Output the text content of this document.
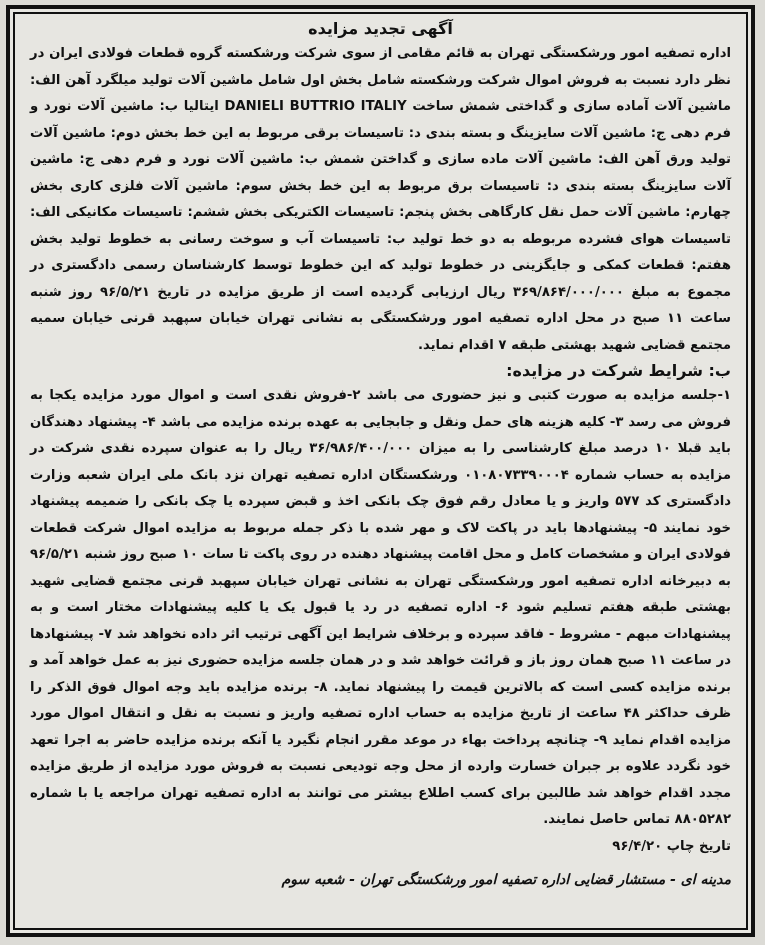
آگهی تجدید مزایده

اداره تصفیه امور ورشکستگی تهران به قائم مقامی از سوی شرکت ورشکسته گروه قطعات فولادی ایران در نظر دارد نسبت به فروش اموال شرکت ورشکسته شامل بخش اول شامل ماشین آلات تولید میلگرد آهن الف: ماشین آلات آماده سازی و گداختی شمش ساخت DANIELI BUTTRIO ITALIY ایتالیا ب: ماشین آلات نورد و فرم دهی ج: ماشین آلات سایزینگ و بسته بندی د: تاسیسات برقی مربوط به این خط بخش دوم: ماشین آلات تولید ورق آهن الف: ماشین آلات ماده سازی و گداختن شمش ب: ماشین آلات نورد و فرم دهی ج: ماشین آلات سایزینگ بسته بندی د: تاسیسات برق مربوط به این خط بخش سوم: ماشین آلات فلزی کاری بخش چهارم: ماشین آلات حمل نقل کارگاهی بخش پنجم: تاسیسات الکتریکی بخش ششم: تاسیسات مکانیکی الف: تاسیسات هوای فشرده مربوطه به دو خط تولید ب: تاسیسات آب و سوخت رسانی به خطوط تولید بخش هفتم: قطعات کمکی و جایگزینی در خطوط تولید که این خطوط توسط کارشناسان رسمی دادگستری در مجموع به مبلغ ۳۶۹/۸۶۴/۰۰۰/۰۰۰ ریال ارزیابی گردیده است از طریق مزایده در تاریخ ۹۶/۵/۲۱ روز شنبه ساعت ۱۱ صبح در محل اداره تصفیه امور ورشکستگی به نشانی تهران خیابان سپهبد قرنی خیابان سمیه مجتمع قضایی شهید بهشتی طبقه ۷ اقدام نماید.

ب: شرایط شرکت در مزایده:

۱-جلسه مزایده به صورت کتبی و نیز حضوری می باشد ۲-فروش نقدی است و اموال مورد مزایده یکجا به فروش می رسد ۳- کلیه هزینه های حمل ونقل و جابجایی به عهده برنده مزایده می باشد ۴- پیشنهاد دهندگان باید قبلا ۱۰ درصد مبلغ کارشناسی را به میزان ۳۶/۹۸۶/۴۰۰/۰۰۰ ریال را به عنوان سپرده نقدی شرکت در مزایده به حساب شماره ۰۱۰۸۰۷۳۳۹۰۰۰۴ ورشکستگان اداره تصفیه تهران نزد بانک ملی ایران شعبه وزارت دادگستری کد ۵۷۷ واریز و یا معادل رقم فوق چک بانکی اخذ و قبض سپرده یا چک بانکی را ضمیمه پیشنهاد خود نمایند ۵- پیشنهادها باید در پاکت لاک و مهر شده با ذکر جمله مربوط به مزایده اموال شرکت قطعات فولادی ایران و مشخصات کامل و محل اقامت پیشنهاد دهنده در روی پاکت تا سات ۱۰ صبح روز شنبه ۹۶/۵/۲۱ به دبیرخانه اداره تصفیه امور ورشکستگی تهران به نشانی تهران خیابان سپهبد قرنی مجتمع قضایی شهید بهشتی طبقه هفتم تسلیم شود ۶- اداره تصفیه در رد یا قبول یک یا کلیه پیشنهادات مختار است و به پیشنهادات مبهم - مشروط - فاقد سپرده و برخلاف شرایط این آگهی ترتیب اثر داده نخواهد شد ۷- پیشنهادها در ساعت ۱۱ صبح همان روز باز و قرائت خواهد شد و در همان جلسه مزایده حضوری نیز به عمل خواهد آمد و برنده مزایده کسی است که بالاترین قیمت را پیشنهاد نماید. ۸- برنده مزایده باید وجه اموال فوق الذکر را ظرف حداکثر ۴۸ ساعت از تاریخ مزایده به حساب اداره تصفیه واریز و نسبت به نقل و انتقال اموال مورد مزایده اقدام نماید ۹- چنانچه پرداخت بهاء در موعد مقرر انجام نگیرد یا آنکه برنده مزایده حاضر به اجرا تعهد خود نگردد علاوه بر جبران خسارت وارده از محل وجه تودیعی نسبت به فروش مورد مزایده از طریق مزایده مجدد اقدام خواهد شد طالبین برای کسب اطلاع بیشتر می توانند به اداره تصفیه تهران مراجعه یا با شماره ۸۸۰۵۲۸۲ تماس حاصل نمایند.

تاریخ چاپ ۹۶/۴/۲۰

مدینه ای - مستشار قضایی اداره تصفیه امور ورشکستگی تهران - شعبه سوم
